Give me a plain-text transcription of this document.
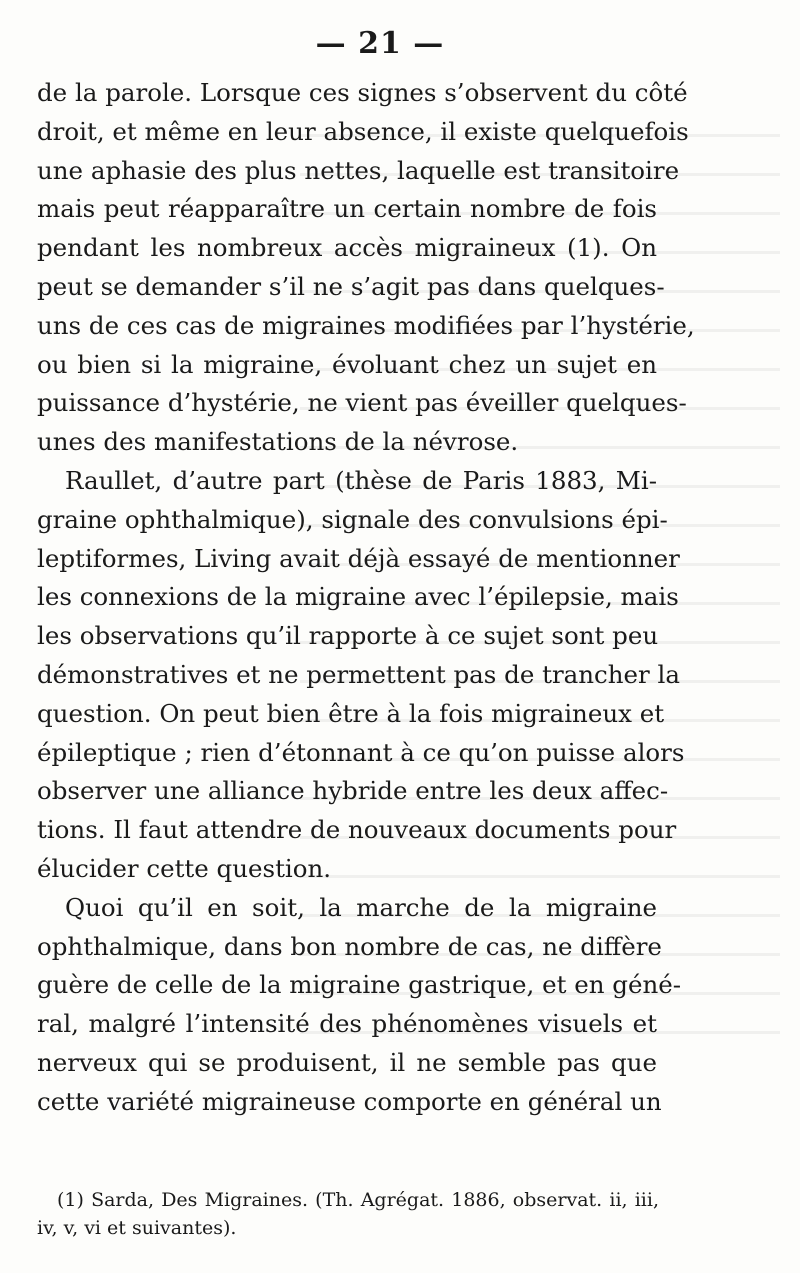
— 21 —
de la parole. Lorsque ces signes s’observent du côté
droit, et même en leur absence, il existe quelquefois
une aphasie des plus nettes, laquelle est transitoire
mais peut réapparaître un certain nombre de fois
pendant les nombreux accès migraineux (1). On
peut se demander s’il ne s’agit pas dans quelques-
uns de ces cas de migraines modifiées par l’hystérie,
ou bien si la migraine, évoluant chez un sujet en
puissance d’hystérie, ne vient pas éveiller quelques-
unes des manifestations de la névrose.
Raullet, d’autre part (thèse de Paris 1883, Mi-
graine ophthalmique), signale des convulsions épi-
leptiformes, Living avait déjà essayé de mentionner
les connexions de la migraine avec l’épilepsie, mais
les observations qu’il rapporte à ce sujet sont peu
démonstratives et ne permettent pas de trancher la
question. On peut bien être à la fois migraineux et
épileptique ; rien d’étonnant à ce qu’on puisse alors
observer une alliance hybride entre les deux affec-
tions. Il faut attendre de nouveaux documents pour
élucider cette question.
Quoi qu’il en soit, la marche de la migraine
ophthalmique, dans bon nombre de cas, ne diffère
guère de celle de la migraine gastrique, et en géné-
ral, malgré l’intensité des phénomènes visuels et
nerveux qui se produisent, il ne semble pas que
cette variété migraineuse comporte en général un
(1) Sarda, Des Migraines. (Th. Agrégat. 1886, observat. ii, iii,
iv, v, vi et suivantes).
